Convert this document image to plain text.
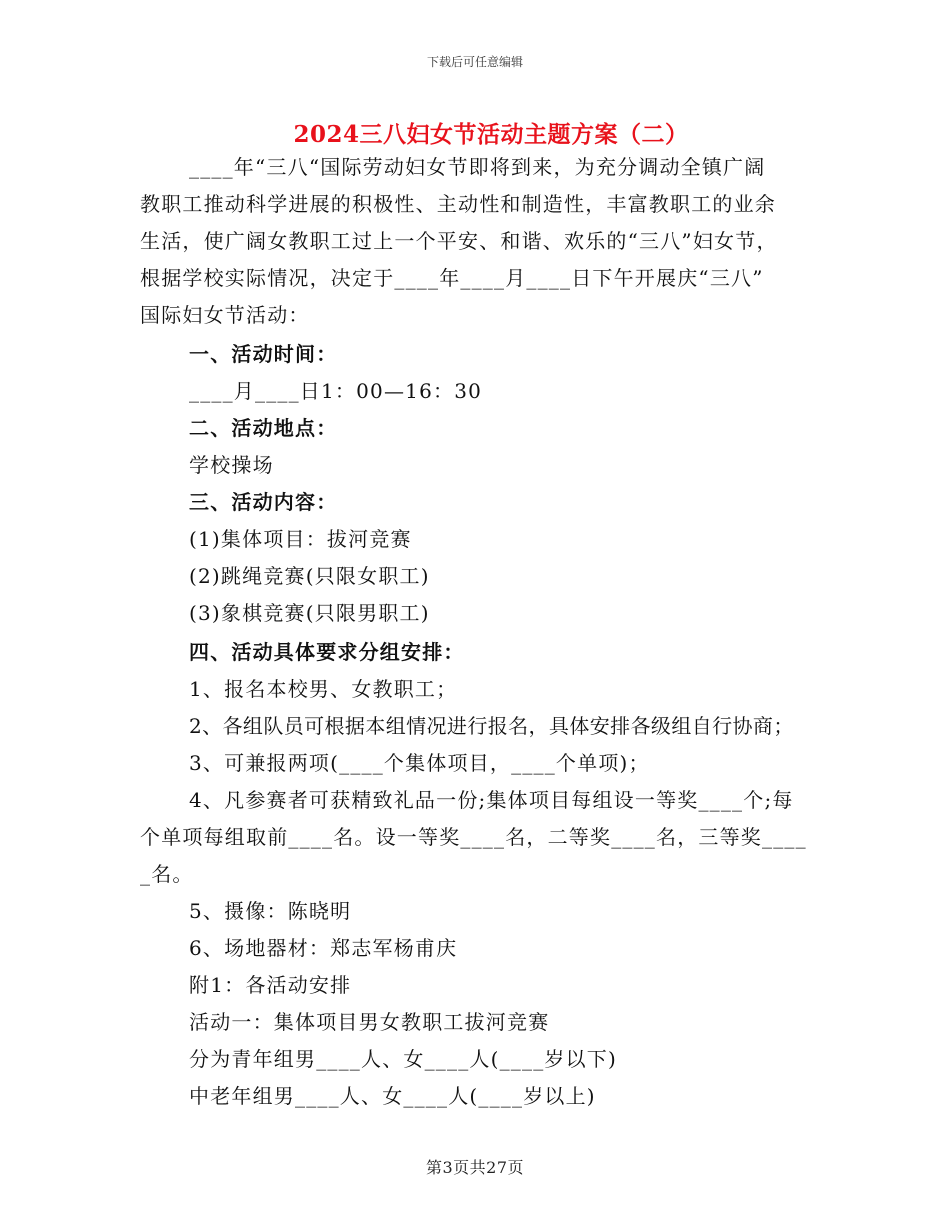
下载后可任意编辑
2024三八妇女节活动主题方案（二）
____年“三八“国际劳动妇女节即将到来，为充分调动全镇广阔
教职工推动科学进展的积极性、主动性和制造性，丰富教职工的业余
生活，使广阔女教职工过上一个平安、和谐、欢乐的“三八”妇女节，
根据学校实际情况，决定于____年____月____日下午开展庆“三八”
国际妇女节活动：
一、活动时间：
____月____日1：00—16：30
二、活动地点：
学校操场
三、活动内容：
(1)集体项目：拔河竞赛
(2)跳绳竞赛(只限女职工)
(3)象棋竞赛(只限男职工)
四、活动具体要求分组安排：
1、报名本校男、女教职工；
2、各组队员可根据本组情况进行报名，具体安排各级组自行协商；
3、可兼报两项(____个集体项目，____个单项)；
4、凡参赛者可获精致礼品一份;集体项目每组设一等奖____个;每
个单项每组取前____名。设一等奖____名，二等奖____名，三等奖____
_名。
5、摄像：陈晓明
6、场地器材：郑志军杨甫庆
附1：各活动安排
活动一：集体项目男女教职工拔河竞赛
分为青年组男____人、女____人(____岁以下)
中老年组男____人、女____人(____岁以上)
第3页共27页
